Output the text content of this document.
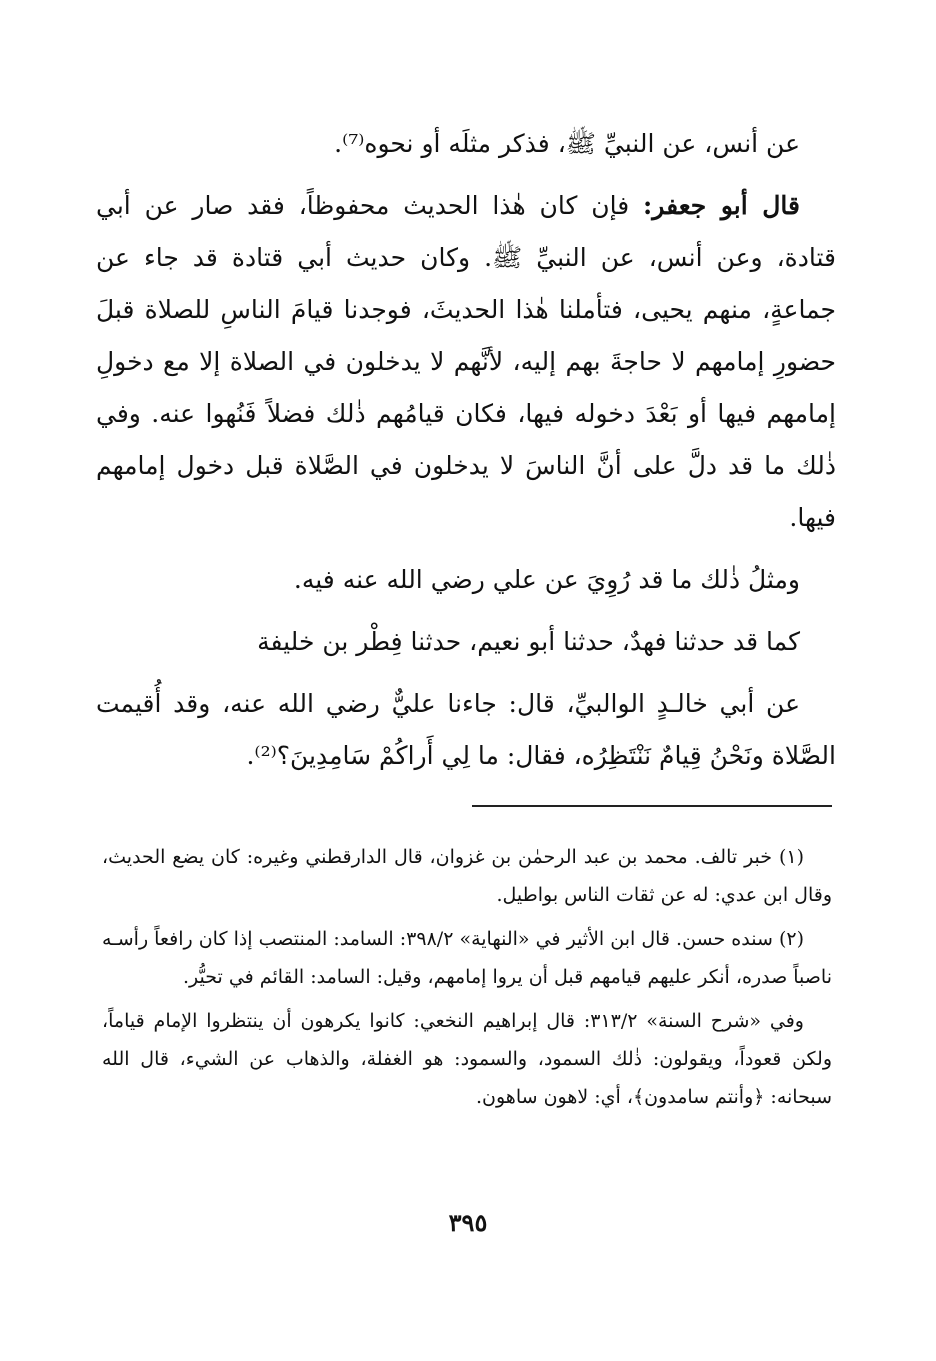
عن أنس، عن النبيِّ ﷺ، فذكر مثلَه أو نحوه⁽⁷⁾.

قال أبو جعفر: فإن كان هٰذا الحديث محفوظاً، فقد صار عن أبي قتادة، وعن أنس، عن النبيِّ ﷺ. وكان حديث أبي قتادة قد جاء عن جماعةٍ، منهم يحيى، فتأملنا هٰذا الحديثَ، فوجدنا قيامَ الناسِ للصلاة قبلَ حضورِ إمامهم لا حاجةَ بهم إليه، لأنَّهم لا يدخلون في الصلاة إلا مع دخولِ إمامهم فيها أو بَعْدَ دخوله فيها، فكان قيامُهم ذٰلك فضلاً فَنُهوا عنه. وفي ذٰلك ما قد دلَّ على أنَّ الناسَ لا يدخلون في الصَّلاة قبل دخول إمامهم فيها.

ومثلُ ذٰلك ما قد رُوِيَ عن علي رضي الله عنه فيه.

كما قد حدثنا فهدٌ، حدثنا أبو نعيم، حدثنا فِطْر بن خليفة

عن أبي خالـدٍ الوالبيِّ، قال: جاءنا عليٌّ رضي الله عنه، وقد أُقيمت الصَّلاة ونَحْنُ قِيامٌ نَنْتَظِرُه، فقال: ما لِي أَراكُمْ سَامِدِينَ؟⁽²⁾.

(١) خبر تالف. محمد بن عبد الرحمٰن بن غزوان، قال الدارقطني وغيره: كان يضع الحديث، وقال ابن عدي: له عن ثقات الناس بواطيل.

(٢) سنده حسن. قال ابن الأثير في «النهاية» ٣٩٨/٢: السامد: المنتصب إذا كان رافعاً رأسـه ناصباً صدره، أنكر عليهم قيامهم قبل أن يروا إمامهم، وقيل: السامد: القائم في تحيُّر.

وفي «شرح السنة» ٣١٣/٢: قال إبراهيم النخعي: كانوا يكرهون أن ينتظروا الإمام قياماً، ولكن قعوداً، ويقولون: ذٰلك السمود، والسمود: هو الغفلة، والذهاب عن الشيء، قال الله سبحانه: ﴿وأنتم سامدون﴾، أي: لاهون ساهون.

٣٩٥
